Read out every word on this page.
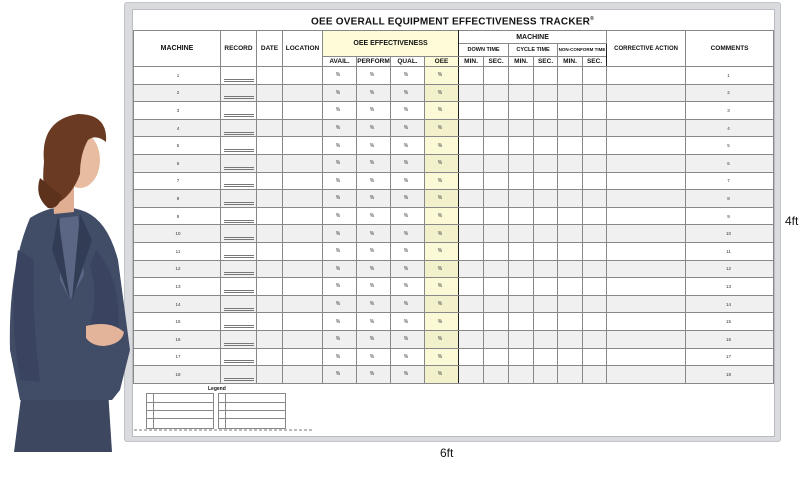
OEE OVERALL EQUIPMENT EFFECTIVENESS TRACKER®
MACHINE	RECORD	DATE	LOCATION	OEE EFFECTIVENESS				MACHINE						CORRECTIVE ACTION	COMMENTS
								DOWN TIME		CYCLE TIME		NON-CONFORM TIME			
				AVAIL.	PERFORM	QUAL.	OEE	MIN.	SEC.	MIN.	SEC.	MIN.	SEC.		
1				%	%	%	%								1
2				%	%	%	%								2
3				%	%	%	%								3
4				%	%	%	%								4
5				%	%	%	%								5
6				%	%	%	%								6
7				%	%	%	%								7
8				%	%	%	%								8
9				%	%	%	%								9
10				%	%	%	%								10
11				%	%	%	%								11
12				%	%	%	%								12
13				%	%	%	%								13
14				%	%	%	%								14
15				%	%	%	%								15
16				%	%	%	%								16
17				%	%	%	%								17
18				%	%	%	%								18
Legend
6ft
4ft
